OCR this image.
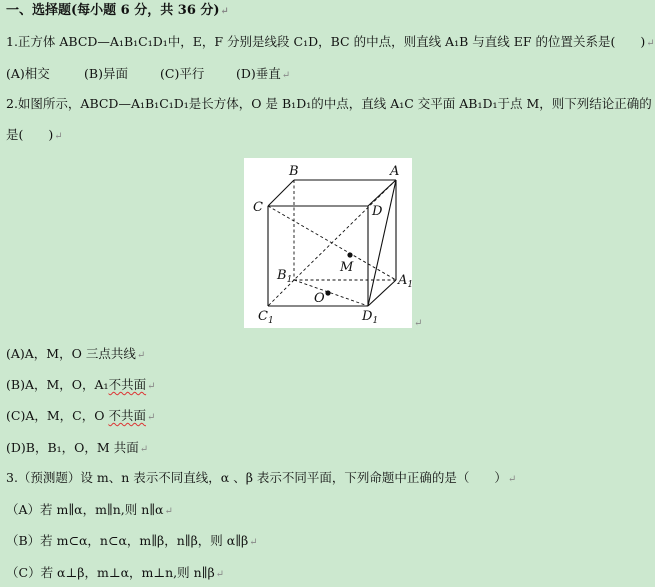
一、选择题(每小题 6 分，共 36 分)↵
1.正方体 ABCD—A₁B₁C₁D₁中，E，F 分别是线段 C₁D，BC 的中点，则直线 A₁B 与直线 EF 的位置关系是(　　)↵
(A)相交	(B)异面	(C)平行	(D)垂直↵
2.如图所示，ABCD—A₁B₁C₁D₁是长方体，O 是 B₁D₁的中点，直线 A₁C 交平面 AB₁D₁于点 M，则下列结论正确的
是(　　)↵
B	A
C	D
M
O
$B_1$	$A_1$
$C_1$	$D_1$	↵
(A)A，M，O 三点共线↵
(B)A，M，O，A₁不共面↵
(C)A，M，C，O 不共面↵
(D)B，B₁，O，M 共面↵
3.（预测题）设 m、n 表示不同直线，α 、β 表示不同平面，下列命题中正确的是（　　）↵
（A）若 m∥α，m∥n,则 n∥α↵
（B）若 m⊂α，n⊂α，m∥β，n∥β，则 α∥β↵
（C）若 α⊥β，m⊥α，m⊥n,则 n∥β↵
